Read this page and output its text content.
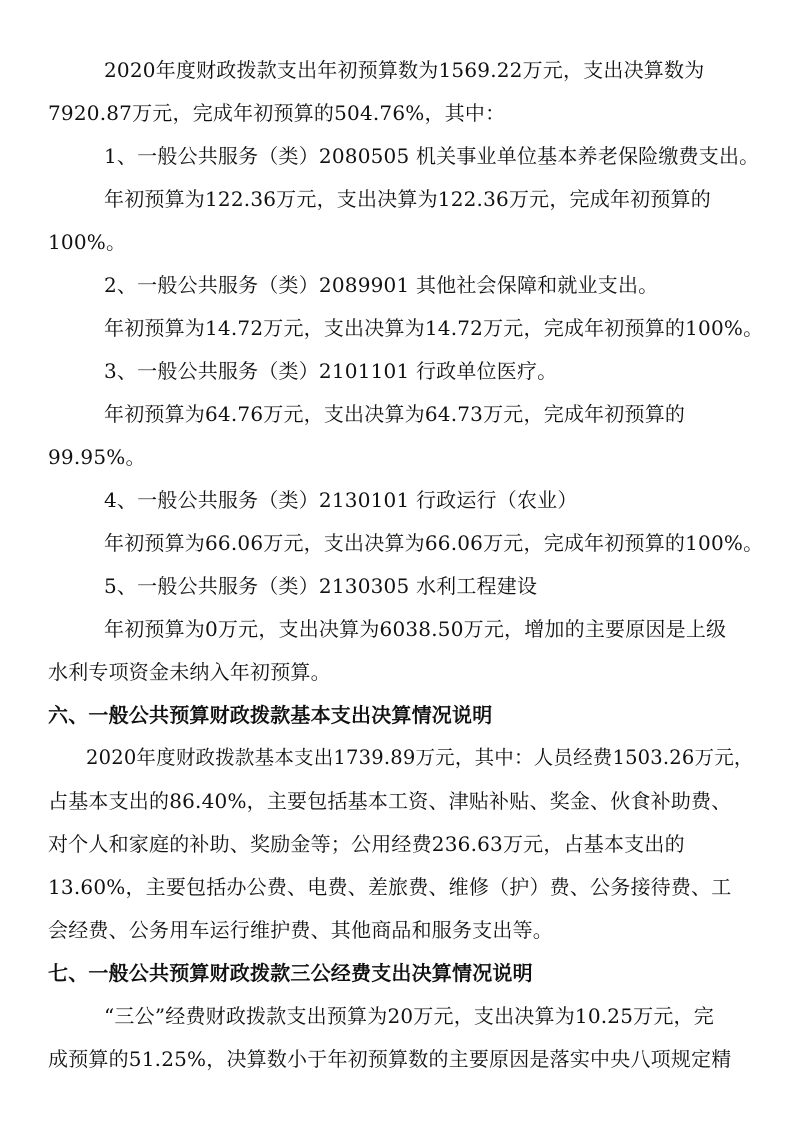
2020年度财政拨款支出年初预算数为1569.22万元，支出决算数为

7920.87万元，完成年初预算的504.76%，其中：

1、一般公共服务（类）2080505 机关事业单位基本养老保险缴费支出。

年初预算为122.36万元，支出决算为122.36万元，完成年初预算的

100%。

2、一般公共服务（类）2089901 其他社会保障和就业支出。

年初预算为14.72万元，支出决算为14.72万元，完成年初预算的100%。

3、一般公共服务（类）2101101 行政单位医疗。

年初预算为64.76万元，支出决算为64.73万元，完成年初预算的

99.95%。

4、一般公共服务（类）2130101 行政运行（农业）

年初预算为66.06万元，支出决算为66.06万元，完成年初预算的100%。

5、一般公共服务（类）2130305 水利工程建设

年初预算为0万元，支出决算为6038.50万元，增加的主要原因是上级

水利专项资金未纳入年初预算。

六、一般公共预算财政拨款基本支出决算情况说明

2020年度财政拨款基本支出1739.89万元，其中：人员经费1503.26万元，

占基本支出的86.40%，主要包括基本工资、津贴补贴、奖金、伙食补助费、

对个人和家庭的补助、奖励金等；公用经费236.63万元，占基本支出的

13.60%，主要包括办公费、电费、差旅费、维修（护）费、公务接待费、工

会经费、公务用车运行维护费、其他商品和服务支出等。

七、一般公共预算财政拨款三公经费支出决算情况说明

“三公”经费财政拨款支出预算为20万元，支出决算为10.25万元，完

成预算的51.25%，决算数小于年初预算数的主要原因是落实中央八项规定精
